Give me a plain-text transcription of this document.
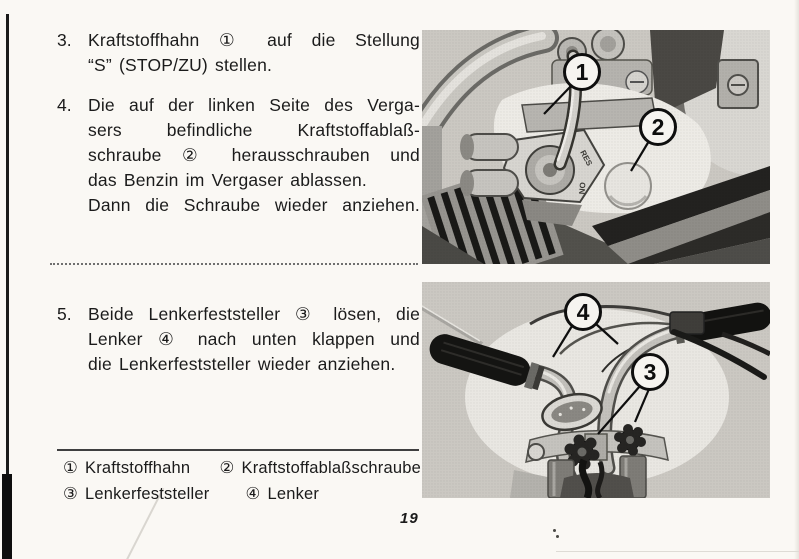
3. Kraftstoffhahn ① auf die Stellung
“S” (STOP/ZU) stellen.
4. Die auf der linken Seite des Verga-
sers befindliche Kraftstoffablaß-
schraube ② herausschrauben und
das Benzin im Vergaser ablassen.
Dann die Schraube wieder anziehen.
5. Beide Lenkerfeststeller ③ lösen, die
Lenker ④ nach unten klappen und
die Lenkerfeststeller wieder anziehen.
① Kraftstoffhahn ② Kraftstoffablaßschraube
③ Lenkerfeststeller ④ Lenker
19
1
2
4
3
